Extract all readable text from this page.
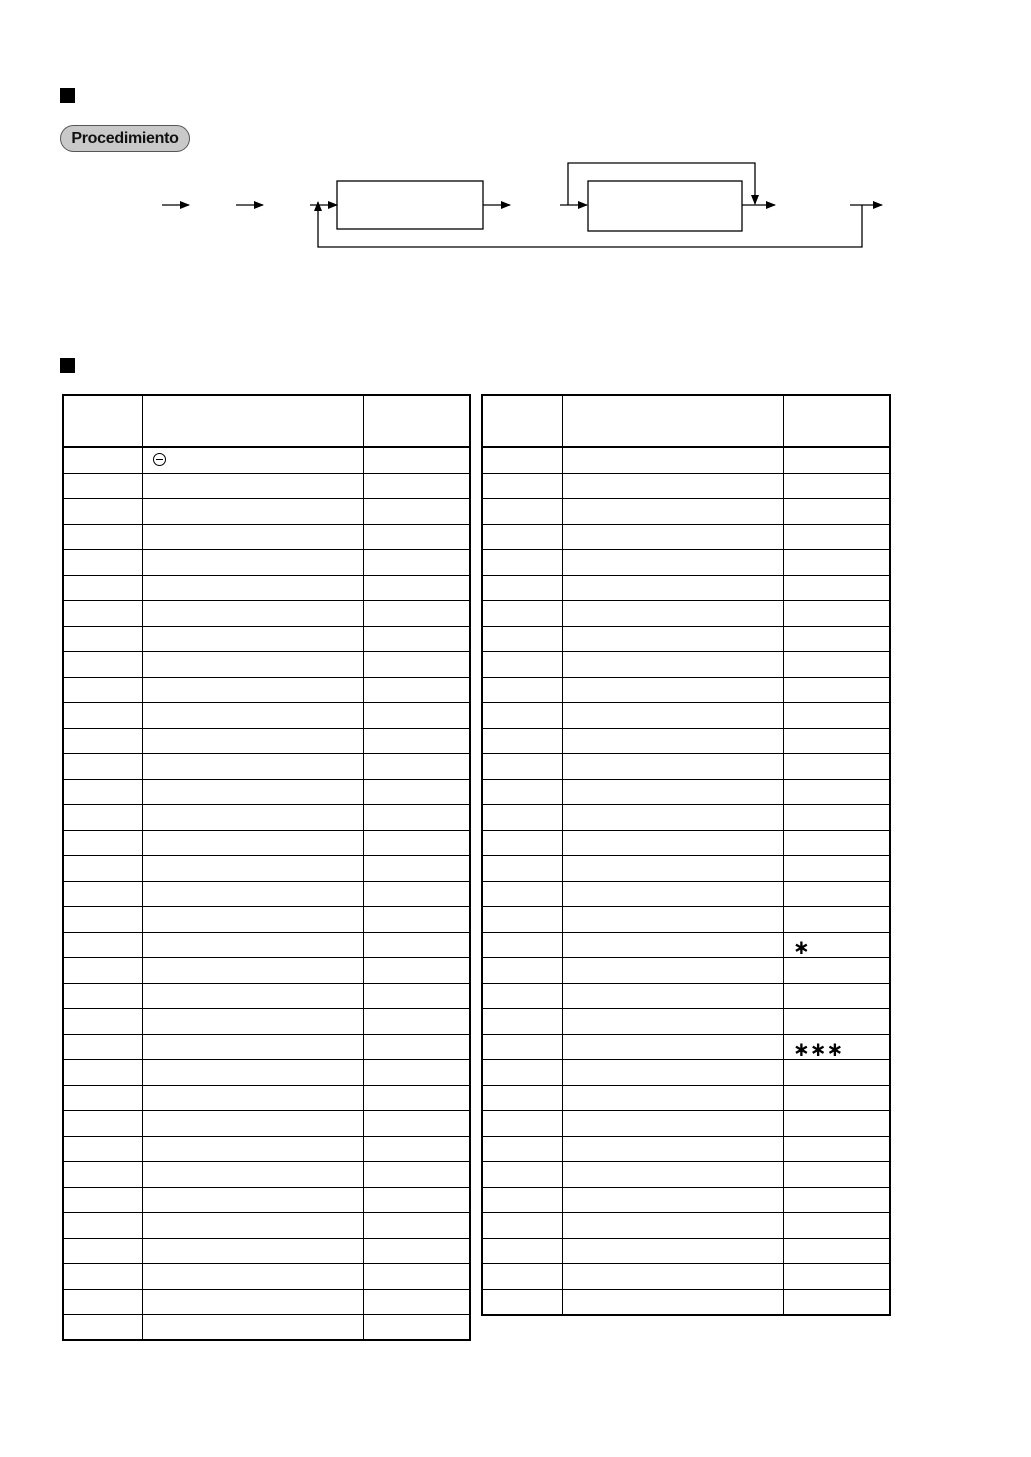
Procedimiento
∗
∗∗∗
